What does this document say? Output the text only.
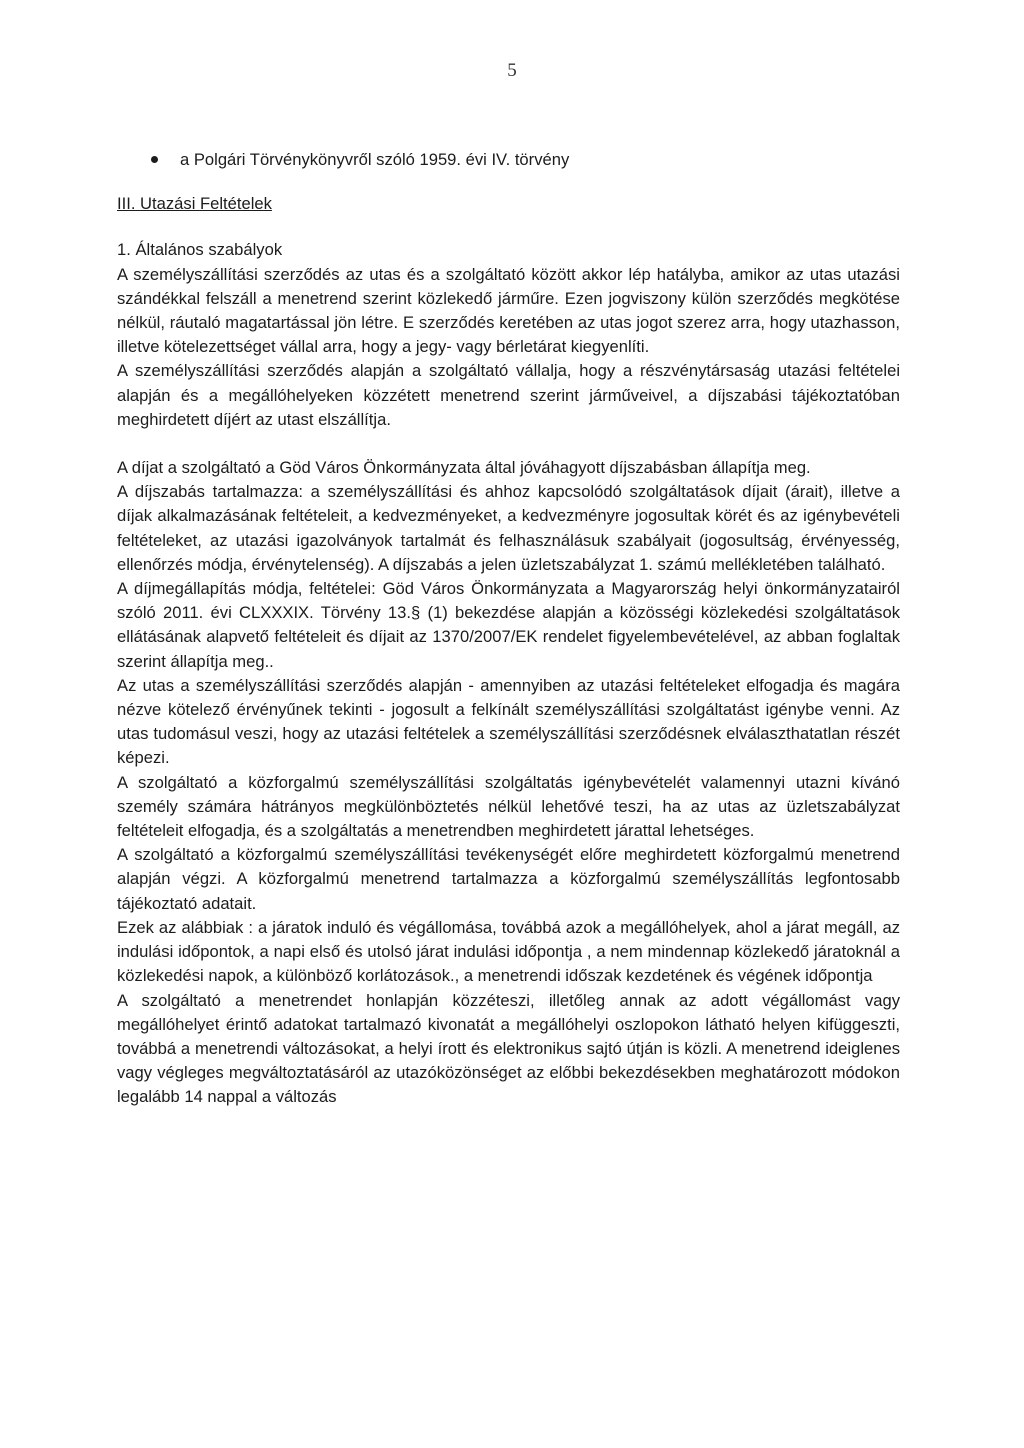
5
a Polgári Törvénykönyvről szóló 1959. évi IV. törvény
III. Utazási Feltételek
1. Általános szabályok

A személyszállítási szerződés az utas és a szolgáltató között akkor lép hatályba, amikor az utas utazási szándékkal felszáll a menetrend szerint közlekedő járműre. Ezen jogviszony külön szerződés megkötése nélkül, ráutaló magatartással jön létre. E szerződés keretében az utas jogot szerez arra, hogy utazhasson, illetve kötelezettséget vállal arra, hogy a jegy- vagy bérletárat kiegyenlíti.

A személyszállítási szerződés alapján a szolgáltató vállalja, hogy a részvénytársaság utazási feltételei alapján és a megállóhelyeken közzétett menetrend szerint járműveivel, a díjszabási tájékoztatóban meghirdetett díjért az utast elszállítja.

A díjat a szolgáltató a Göd Város Önkormányzata által jóváhagyott díjszabásban állapítja meg.

A díjszabás tartalmazza: a személyszállítási és ahhoz kapcsolódó szolgáltatások díjait (árait), illetve a díjak alkalmazásának feltételeit, a kedvezményeket, a kedvezményre jogosultak körét és az igénybevételi feltételeket, az utazási igazolványok tartalmát és felhasználásuk szabályait (jogosultság, érvényesség, ellenőrzés módja, érvénytelenség). A díjszabás a jelen üzletszabályzat 1. számú mellékletében található.

A díjmegállapítás módja, feltételei: Göd Város Önkormányzata a Magyarország helyi önkormányzatairól szóló 2011. évi CLXXXIX. Törvény 13.§ (1) bekezdése alapján a közösségi közlekedési szolgáltatások ellátásának alapvető feltételeit és díjait az 1370/2007/EK rendelet figyelembevételével, az abban foglaltak szerint állapítja meg..

Az utas a személyszállítási szerződés alapján - amennyiben az utazási feltételeket elfogadja és magára nézve kötelező érvényűnek tekinti - jogosult a felkínált személyszállítási szolgáltatást igénybe venni. Az utas tudomásul veszi, hogy az utazási feltételek a személyszállítási szerződésnek elválaszthatatlan részét képezi.

A szolgáltató a közforgalmú személyszállítási szolgáltatás igénybevételét valamennyi utazni kívánó személy számára hátrányos megkülönböztetés nélkül lehetővé teszi, ha az utas az üzletszabályzat feltételeit elfogadja, és a szolgáltatás a menetrendben meghirdetett járattal lehetséges.

A szolgáltató a közforgalmú személyszállítási tevékenységét előre meghirdetett közforgalmú menetrend alapján végzi. A közforgalmú menetrend tartalmazza a közforgalmú személyszállítás legfontosabb tájékoztató adatait.

Ezek az alábbiak : a járatok induló és végállomása, továbbá azok a megállóhelyek, ahol a járat megáll, az indulási időpontok, a napi első és utolsó járat indulási időpontja , a nem mindennap közlekedő járatoknál a közlekedési napok, a különböző korlátozások., a menetrendi időszak kezdetének és végének időpontja

A szolgáltató a menetrendet honlapján közzéteszi, illetőleg annak az adott végállomást vagy megállóhelyet érintő adatokat tartalmazó kivonatát a megállóhelyi oszlopokon látható helyen kifüggeszti, továbbá a menetrendi változásokat, a helyi írott és elektronikus sajtó útján is közli. A menetrend ideiglenes vagy végleges megváltoztatásáról az utazóközönséget az előbbi bekezdésekben meghatározott módokon legalább 14 nappal a változás
